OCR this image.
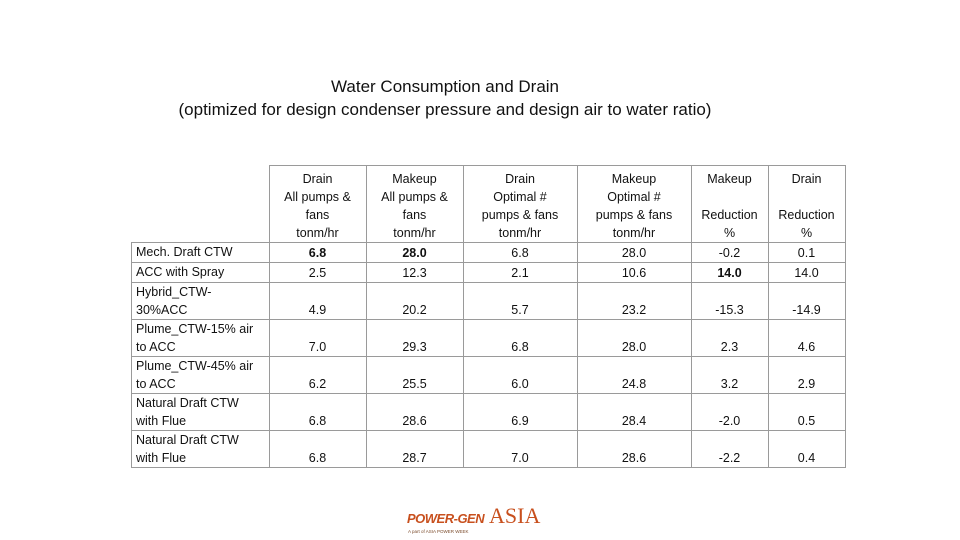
Water Consumption and Drain
(optimized for design condenser pressure and design air to water ratio)
	Drain
All pumps &
fans
tonm/hr	Makeup
All pumps &
fans
tonm/hr	Drain
Optimal #
pumps & fans
tonm/hr	Makeup
Optimal #
pumps & fans
tonm/hr	Makeup

Reduction
%	Drain

Reduction
%
Mech. Draft CTW	6.8	28.0	6.8	28.0	-0.2	0.1
ACC with Spray	2.5	12.3	2.1	10.6	14.0	14.0
Hybrid_CTW-
30%ACC	4.9	20.2	5.7	23.2	-15.3	-14.9
Plume_CTW-15% air
to ACC	7.0	29.3	6.8	28.0	2.3	4.6
Plume_CTW-45% air
to ACC	6.2	25.5	6.0	24.8	3.2	2.9
Natural Draft CTW
with Flue	6.8	28.6	6.9	28.4	-2.0	0.5
Natural Draft CTW
with Flue	6.8	28.7	7.0	28.6	-2.2	0.4
POWER-GEN ASIA
A part of ASIA POWER WEEK
